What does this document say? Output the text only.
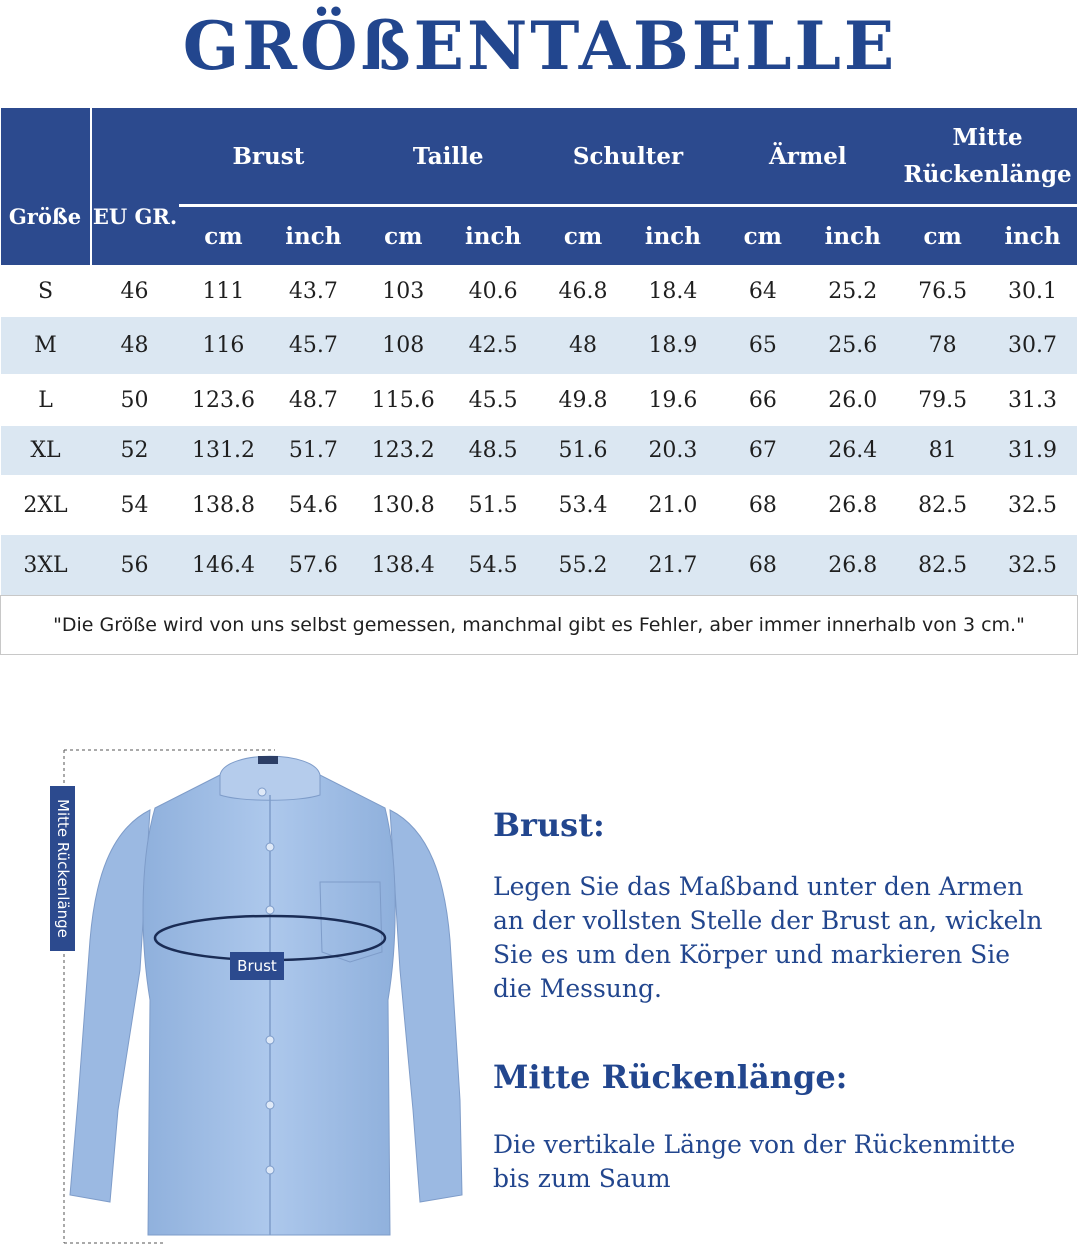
GRÖßENTABELLE
Größe	EU GR.	Brust		Taille		Schulter		Ärmel		Mitte Rückenlänge	
		cm	inch	cm	inch	cm	inch	cm	inch	cm	inch
S	46	111	43.7	103	40.6	46.8	18.4	64	25.2	76.5	30.1
M	48	116	45.7	108	42.5	48	18.9	65	25.6	78	30.7
L	50	123.6	48.7	115.6	45.5	49.8	19.6	66	26.0	79.5	31.3
XL	52	131.2	51.7	123.2	48.5	51.6	20.3	67	26.4	81	31.9
2XL	54	138.8	54.6	130.8	51.5	53.4	21.0	68	26.8	82.5	32.5
3XL	56	146.4	57.6	138.4	54.5	55.2	21.7	68	26.8	82.5	32.5
"Die Größe wird von uns selbst gemessen, manchmal gibt es Fehler, aber immer innerhalb von 3 cm."											
Mitte Rückenlänge
Brust
Brust:
Legen Sie das Maßband unter den Armen an der vollsten Stelle der Brust an, wickeln Sie es um den Körper und markieren Sie die Messung.
Mitte Rückenlänge:
Die vertikale Länge von der Rückenmitte bis zum Saum
